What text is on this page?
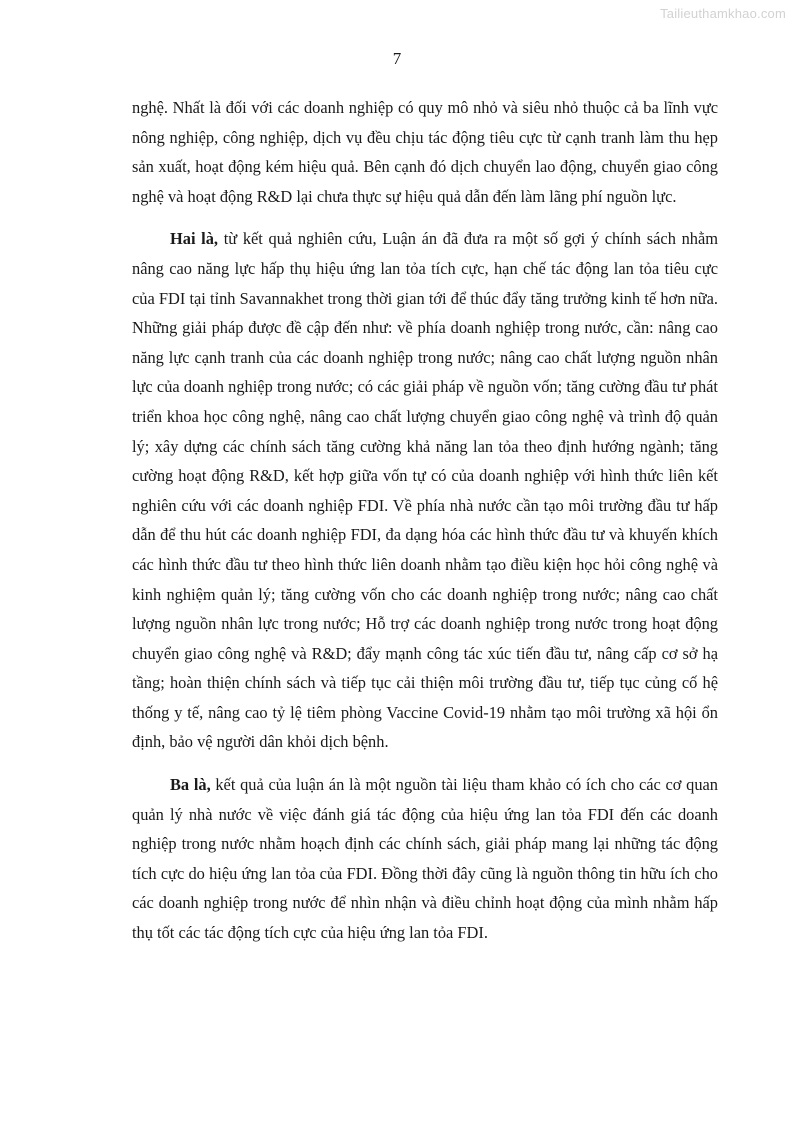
Tailieuthamkhao.com
7

nghệ. Nhất là đối với các doanh nghiệp có quy mô nhỏ và siêu nhỏ thuộc cả ba lĩnh vực nông nghiệp, công nghiệp, dịch vụ đều chịu tác động tiêu cực từ cạnh tranh làm thu hẹp sản xuất, hoạt động kém hiệu quả. Bên cạnh đó dịch chuyển lao động, chuyển giao công nghệ và hoạt động R&D lại chưa thực sự hiệu quả dẫn đến làm lãng phí nguồn lực.

Hai là, từ kết quả nghiên cứu, Luận án đã đưa ra một số gợi ý chính sách nhằm nâng cao năng lực hấp thụ hiệu ứng lan tỏa tích cực, hạn chế tác động lan tỏa tiêu cực của FDI tại tỉnh Savannakhet trong thời gian tới để thúc đẩy tăng trưởng kinh tế hơn nữa. Những giải pháp được đề cập đến như: về phía doanh nghiệp trong nước, cần: nâng cao năng lực cạnh tranh của các doanh nghiệp trong nước; nâng cao chất lượng nguồn nhân lực của doanh nghiệp trong nước; có các giải pháp về nguồn vốn; tăng cường đầu tư phát triển khoa học công nghệ, nâng cao chất lượng chuyển giao công nghệ và trình độ quản lý; xây dựng các chính sách tăng cường khả năng lan tỏa theo định hướng ngành; tăng cường hoạt động R&D, kết hợp giữa vốn tự có của doanh nghiệp với hình thức liên kết nghiên cứu với các doanh nghiệp FDI. Về phía nhà nước cần tạo môi trường đầu tư hấp dẫn để thu hút các doanh nghiệp FDI, đa dạng hóa các hình thức đầu tư và khuyến khích các hình thức đầu tư theo hình thức liên doanh nhằm tạo điều kiện học hỏi công nghệ và kinh nghiệm quản lý; tăng cường vốn cho các doanh nghiệp trong nước; nâng cao chất lượng nguồn nhân lực trong nước; Hỗ trợ các doanh nghiệp trong nước trong hoạt động chuyển giao công nghệ và R&D; đẩy mạnh công tác xúc tiến đầu tư, nâng cấp cơ sở hạ tầng; hoàn thiện chính sách và tiếp tục cải thiện môi trường đầu tư, tiếp tục củng cố hệ thống y tế, nâng cao tỷ lệ tiêm phòng Vaccine Covid-19 nhằm tạo môi trường xã hội ổn định, bảo vệ người dân khỏi dịch bệnh.

Ba là, kết quả của luận án là một nguồn tài liệu tham khảo có ích cho các cơ quan quản lý nhà nước về việc đánh giá tác động của hiệu ứng lan tỏa FDI đến các doanh nghiệp trong nước nhằm hoạch định các chính sách, giải pháp mang lại những tác động tích cực do hiệu ứng lan tỏa của FDI. Đồng thời đây cũng là nguồn thông tin hữu ích cho các doanh nghiệp trong nước để nhìn nhận và điều chỉnh hoạt động của mình nhằm hấp thụ tốt các tác động tích cực của hiệu ứng lan tỏa FDI.
